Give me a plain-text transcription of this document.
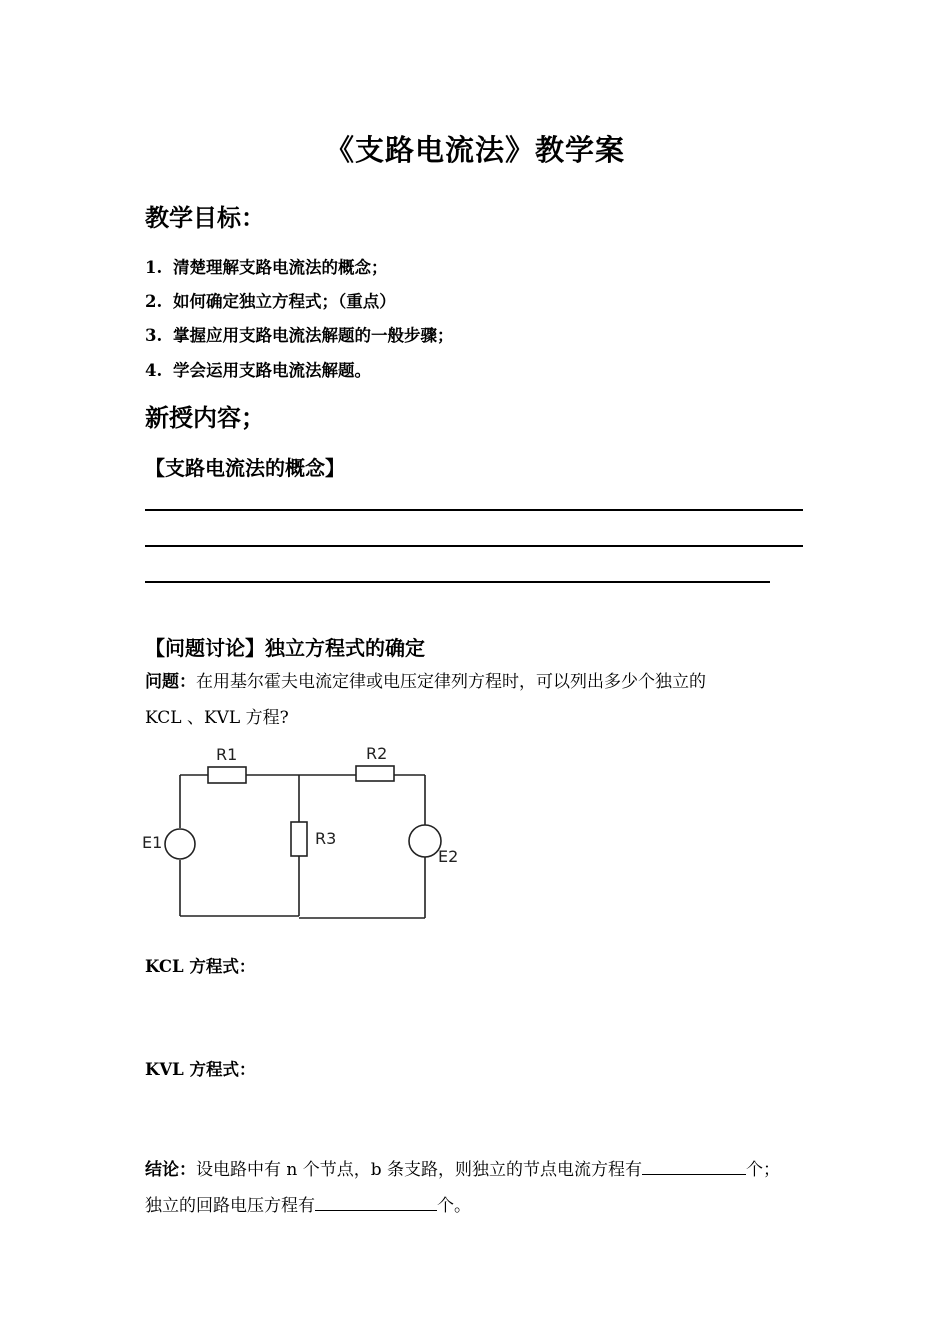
《支路电流法》教学案
教学目标：
1. 清楚理解支路电流法的概念；
2. 如何确定独立方程式；（重点）
3. 掌握应用支路电流法解题的一般步骤；
4. 学会运用支路电流法解题。
新授内容；
【支路电流法的概念】
【问题讨论】独立方程式的确定
问题：在用基尔霍夫电流定律或电压定律列方程时，可以列出多少个独立的
KCL 、KVL 方程?
R1	R2
R3
E1
E2
KCL 方程式：
KVL 方程式：
结论：设电路中有 n 个节点，b 条支路，则独立的节点电流方程有	个；
独立的回路电压方程有	个。
